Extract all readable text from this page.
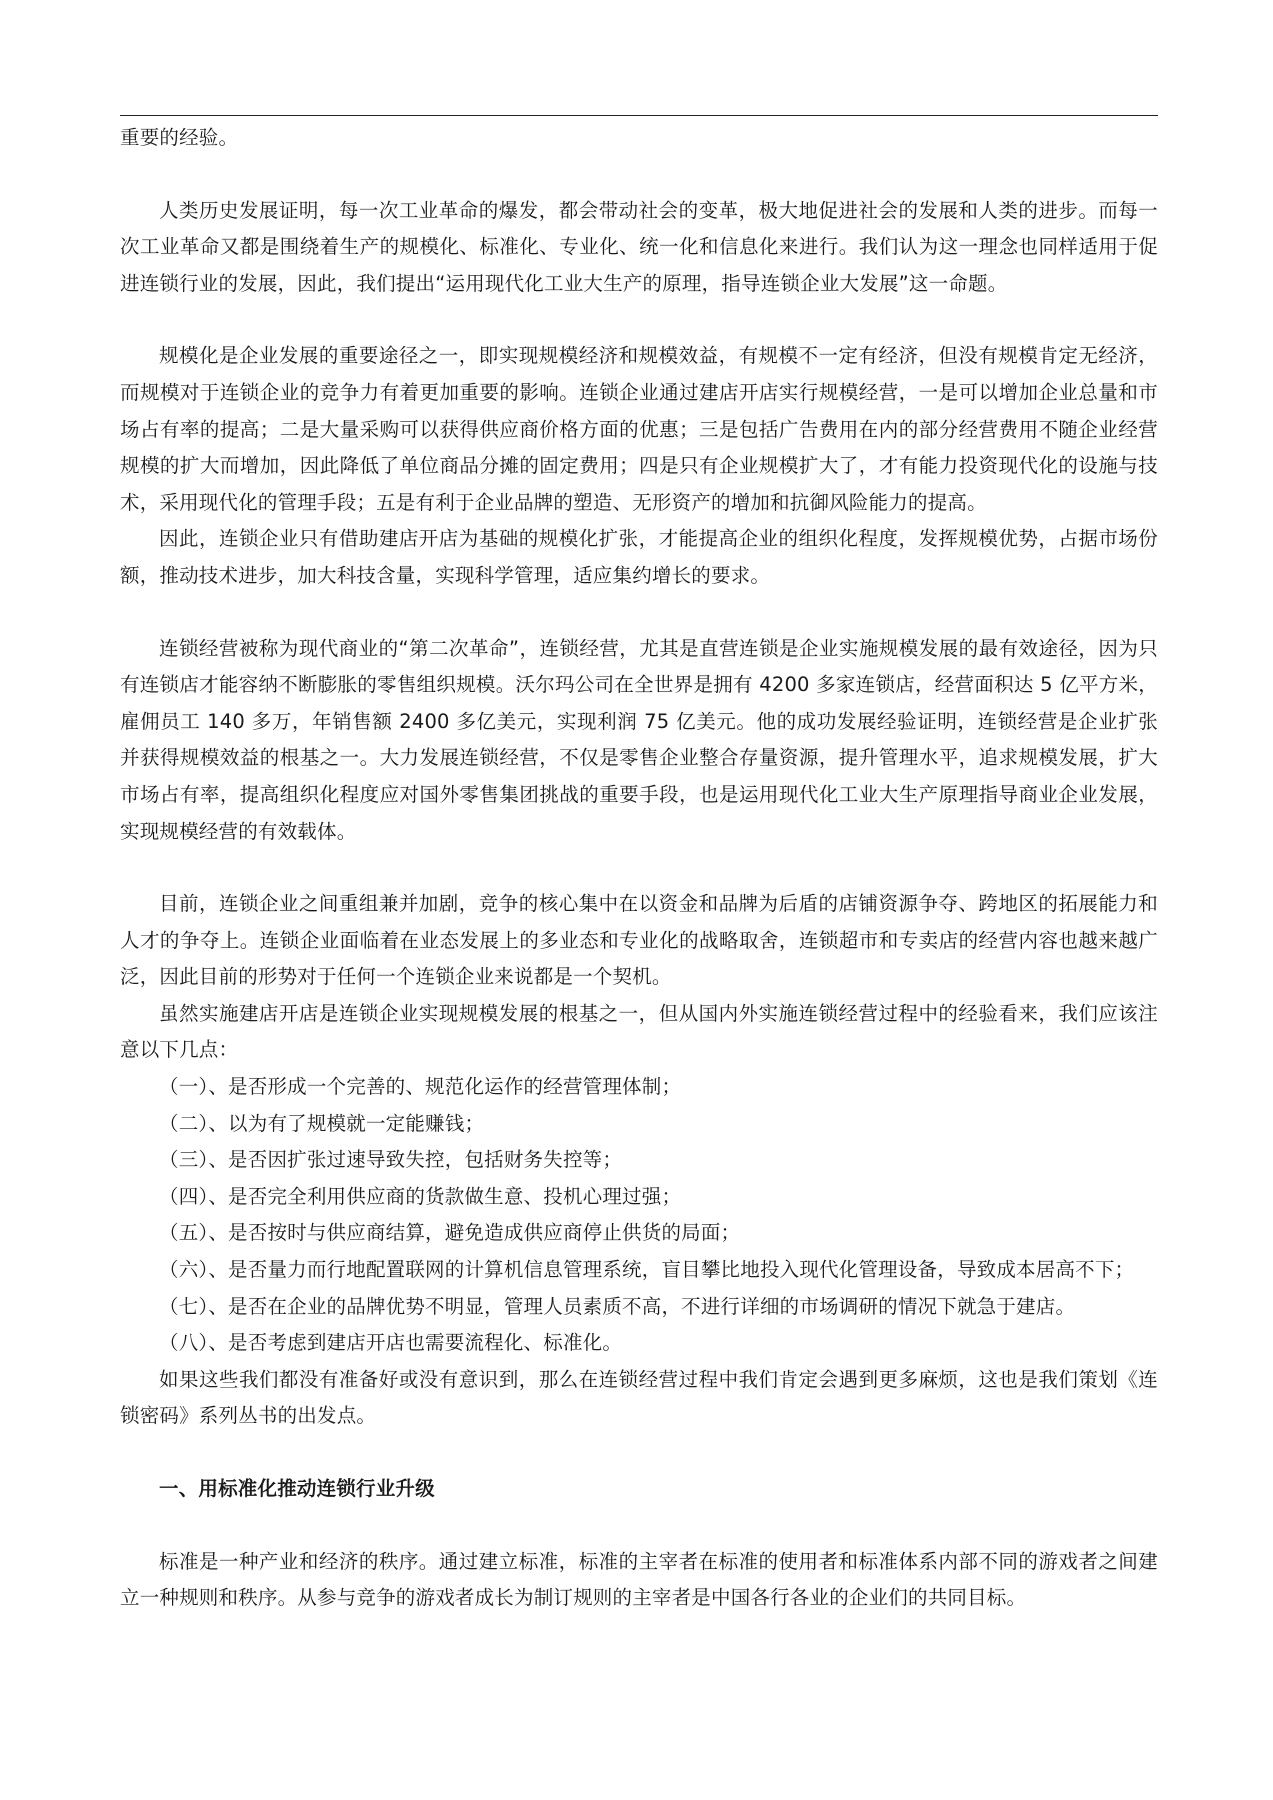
重要的经验。

人类历史发展证明，每一次工业革命的爆发，都会带动社会的变革，极大地促进社会的发展和人类的进步。而每一次工业革命又都是围绕着生产的规模化、标准化、专业化、统一化和信息化来进行。我们认为这一理念也同样适用于促进连锁行业的发展，因此，我们提出“运用现代化工业大生产的原理，指导连锁企业大发展”这一命题。

规模化是企业发展的重要途径之一，即实现规模经济和规模效益，有规模不一定有经济，但没有规模肯定无经济，而规模对于连锁企业的竞争力有着更加重要的影响。连锁企业通过建店开店实行规模经营，一是可以增加企业总量和市场占有率的提高；二是大量采购可以获得供应商价格方面的优惠；三是包括广告费用在内的部分经营费用不随企业经营规模的扩大而增加，因此降低了单位商品分摊的固定费用；四是只有企业规模扩大了，才有能力投资现代化的设施与技术，采用现代化的管理手段；五是有利于企业品牌的塑造、无形资产的增加和抗御风险能力的提高。

因此，连锁企业只有借助建店开店为基础的规模化扩张，才能提高企业的组织化程度，发挥规模优势，占据市场份额，推动技术进步，加大科技含量，实现科学管理，适应集约增长的要求。

连锁经营被称为现代商业的“第二次革命”，连锁经营，尤其是直营连锁是企业实施规模发展的最有效途径，因为只有连锁店才能容纳不断膨胀的零售组织规模。沃尔玛公司在全世界是拥有 4200 多家连锁店，经营面积达 5 亿平方米，雇佣员工 140 多万，年销售额 2400 多亿美元，实现利润 75 亿美元。他的成功发展经验证明，连锁经营是企业扩张并获得规模效益的根基之一。大力发展连锁经营，不仅是零售企业整合存量资源，提升管理水平，追求规模发展，扩大市场占有率，提高组织化程度应对国外零售集团挑战的重要手段，也是运用现代化工业大生产原理指导商业企业发展，实现规模经营的有效载体。

目前，连锁企业之间重组兼并加剧，竞争的核心集中在以资金和品牌为后盾的店铺资源争夺、跨地区的拓展能力和人才的争夺上。连锁企业面临着在业态发展上的多业态和专业化的战略取舍，连锁超市和专卖店的经营内容也越来越广泛，因此目前的形势对于任何一个连锁企业来说都是一个契机。

虽然实施建店开店是连锁企业实现规模发展的根基之一，但从国内外实施连锁经营过程中的经验看来，我们应该注意以下几点：

（一）、是否形成一个完善的、规范化运作的经营管理体制；

（二）、以为有了规模就一定能赚钱；

（三）、是否因扩张过速导致失控，包括财务失控等；

（四）、是否完全利用供应商的货款做生意、投机心理过强；

（五）、是否按时与供应商结算，避免造成供应商停止供货的局面；

（六）、是否量力而行地配置联网的计算机信息管理系统，盲目攀比地投入现代化管理设备，导致成本居高不下；

（七）、是否在企业的品牌优势不明显，管理人员素质不高，不进行详细的市场调研的情况下就急于建店。

（八）、是否考虑到建店开店也需要流程化、标准化。

如果这些我们都没有准备好或没有意识到，那么在连锁经营过程中我们肯定会遇到更多麻烦，这也是我们策划《连锁密码》系列丛书的出发点。

一、用标准化推动连锁行业升级

标准是一种产业和经济的秩序。通过建立标准，标准的主宰者在标准的使用者和标准体系内部不同的游戏者之间建立一种规则和秩序。从参与竞争的游戏者成长为制订规则的主宰者是中国各行各业的企业们的共同目标。
